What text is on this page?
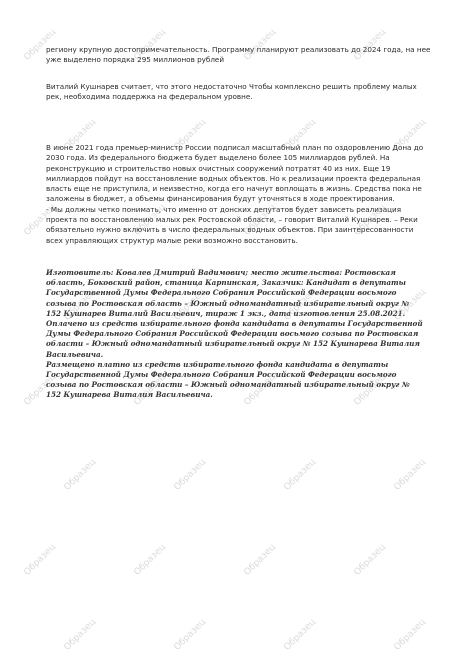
региону крупную достопримечательность. Программу планируют реализовать до 2024 года, на нее уже выделено порядка 295 миллионов рублей

Виталий Кушнарев считает, что этого недостаточно Чтобы комплексно решить проблему малых рек, необходима поддержка на федеральном уровне.

В июне 2021 года премьер-министр России подписал масштабный план по оздоровлению Дона до 2030 года. Из федерального бюджета будет выделено более 105 миллиардов рублей. На реконструкцию и строительство новых очистных сооружений потратят 40 из них. Еще 19 миллиардов пойдут на восстановление водных объектов. Но к реализации проекта федеральная власть еще не приступила, и неизвестно, когда его начнут воплощать в жизнь. Средства пока не заложены в бюджет, а объемы финансирования будут уточняться в ходе проектирования.

- Мы должны четко понимать, что именно от донских депутатов будет зависеть реализация проекта по восстановлению малых рек Ростовской области, – говорит Виталий Кушнарев. – Реки обязательно нужно включить в число федеральных водных объектов. При заинтересованности всех управляющих структур малые реки возможно восстановить.

Изготовитель: Ковалев Дмитрий Вадимович; место жительства: Ростовская область, Боковский район, станица Карпинская, Заказчик: Кандидат в депутаты Государственной Думы Федерального Собрания Российской Федерации восьмого созыва по Ростовская область – Южный одномандатный избирательный округ № 152 Кушнарев Виталий Васильевич, тираж 1 экз., дата изготовления 25.08.2021. Оплачено из средств избирательного фонда кандидата в депутаты Государственной Думы Федерального Собрания Российской Федерации восьмого созыва по Ростовская области – Южный одномандатный избирательный округ № 152 Кушнарева Виталия Васильевича.

Размещено платно из средств избирательного фонда кандидата в депутаты Государственной Думы Федерального Собрания Российской Федерации восьмого созыва по Ростовская области – Южный одномандатный избирательный округ № 152 Кушнарева Виталия Васильевича.

Образец	Образец	Образец	Образец
Образец	Образец	Образец	Образец
Образец	Образец	Образец	Образец
Образец	Образец	Образец	Образец
Образец	Образец	Образец	Образец
Образец	Образец	Образец	Образец
Образец	Образец	Образец	Образец
Образец	Образец	Образец	Образец
